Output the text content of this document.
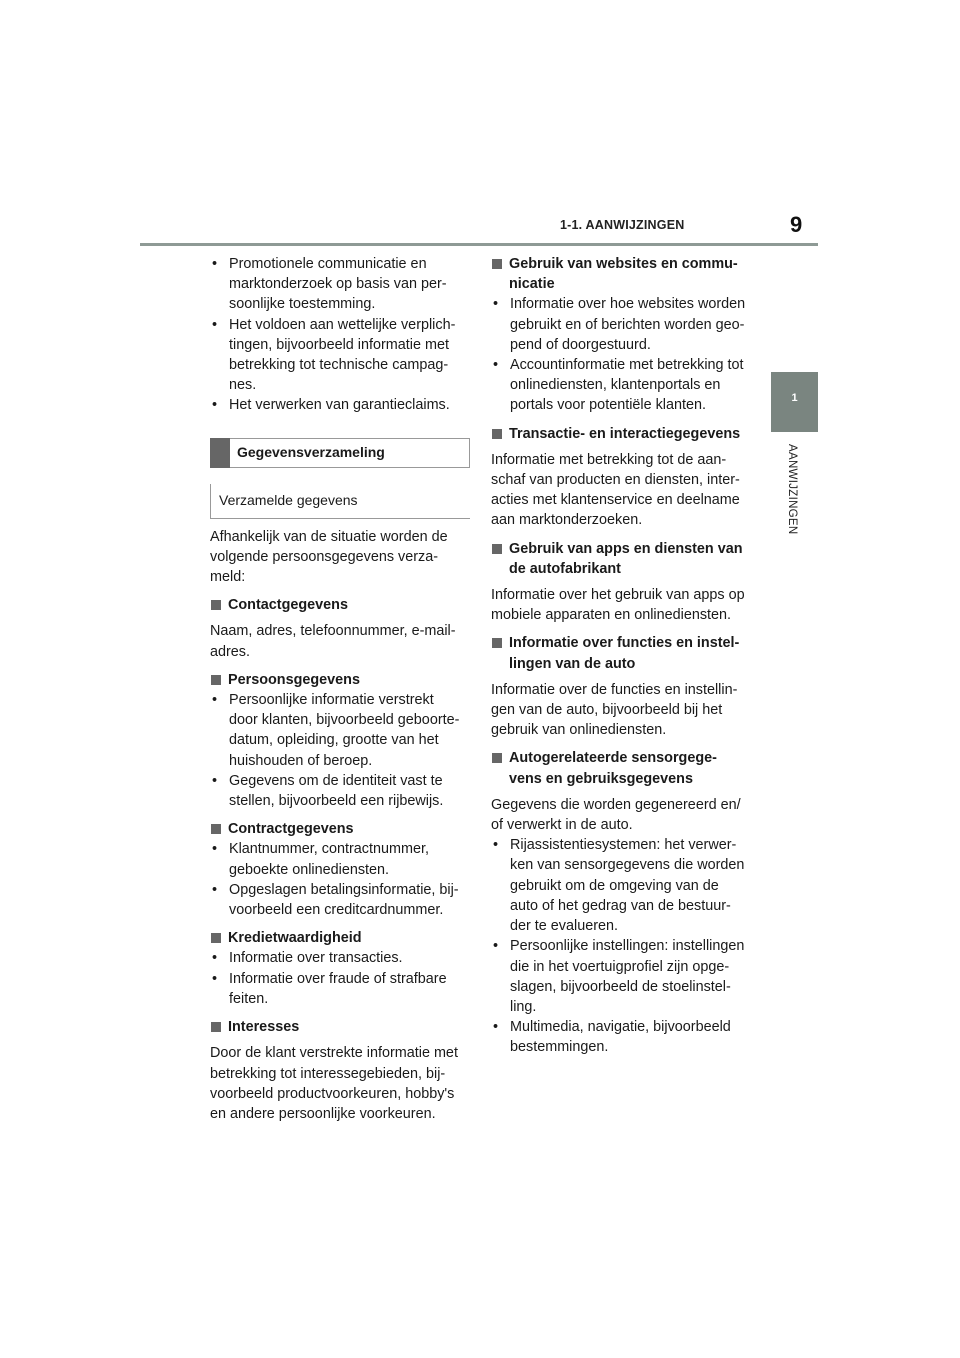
1-1. AANWIJZINGEN	9
1
AANWIJZINGEN
• Promotionele communicatie en
marktonderzoek op basis van per-
soonlijke toestemming.
• Het voldoen aan wettelijke verplich-
tingen, bijvoorbeeld informatie met
betrekking tot technische campag-
nes.
• Het verwerken van garantieclaims.
Gegevensverzameling
Verzamelde gegevens
Afhankelijk van de situatie worden de
volgende persoonsgegevens verza-
meld:
Contactgegevens
Naam, adres, telefoonnummer, e-mail-
adres.
Persoonsgegevens
• Persoonlijke informatie verstrekt
door klanten, bijvoorbeeld geboorte-
datum, opleiding, grootte van het
huishouden of beroep.
• Gegevens om de identiteit vast te
stellen, bijvoorbeeld een rijbewijs.
Contractgegevens
• Klantnummer, contractnummer,
geboekte onlinediensten.
• Opgeslagen betalingsinformatie, bij-
voorbeeld een creditcardnummer.
Kredietwaardigheid
• Informatie over transacties.
• Informatie over fraude of strafbare
feiten.
Interesses
Door de klant verstrekte informatie met
betrekking tot interessegebieden, bij-
voorbeeld productvoorkeuren, hobby's
en andere persoonlijke voorkeuren.
Gebruik van websites en commu-
nicatie
• Informatie over hoe websites worden
gebruikt en of berichten worden geo-
pend of doorgestuurd.
• Accountinformatie met betrekking tot
onlinediensten, klantenportals en
portals voor potentiële klanten.
Transactie- en interactiegegevens
Informatie met betrekking tot de aan-
schaf van producten en diensten, inter-
acties met klantenservice en deelname
aan marktonderzoeken.
Gebruik van apps en diensten van
de autofabrikant
Informatie over het gebruik van apps op
mobiele apparaten en onlinediensten.
Informatie over functies en instel-
lingen van de auto
Informatie over de functies en instellin-
gen van de auto, bijvoorbeeld bij het
gebruik van onlinediensten.
Autogerelateerde sensorgege-
vens en gebruiksgegevens
Gegevens die worden gegenereerd en/
of verwerkt in de auto.
• Rijassistentiesystemen: het verwer-
ken van sensorgegevens die worden
gebruikt om de omgeving van de
auto of het gedrag van de bestuur-
der te evalueren.
• Persoonlijke instellingen: instellingen
die in het voertuigprofiel zijn opge-
slagen, bijvoorbeeld de stoelinstel-
ling.
• Multimedia, navigatie, bijvoorbeeld
bestemmingen.
